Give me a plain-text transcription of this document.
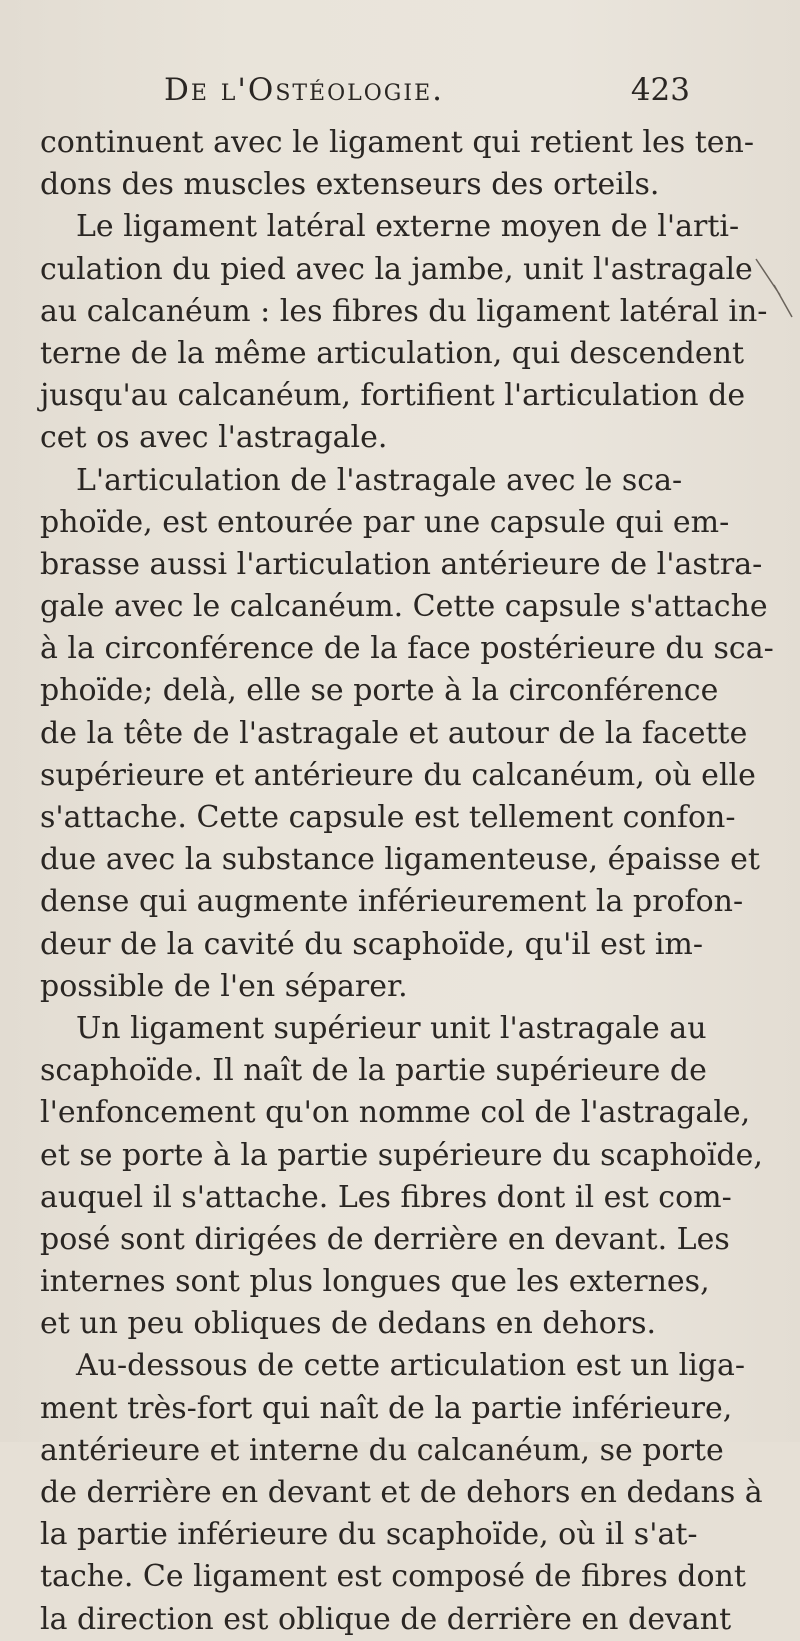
De l'Ostéologie.	423
continuent avec le ligament qui retient les ten-
dons des muscles extenseurs des orteils.
Le ligament latéral externe moyen de l'arti-
culation du pied avec la jambe, unit l'astragale
au calcanéum : les fibres du ligament latéral in-
terne de la même articulation, qui descendent
jusqu'au calcanéum, fortifient l'articulation de
cet os avec l'astragale.
L'articulation de l'astragale avec le sca-
phoïde, est entourée par une capsule qui em-
brasse aussi l'articulation antérieure de l'astra-
gale avec le calcanéum. Cette capsule s'attache
à la circonférence de la face postérieure du sca-
phoïde; delà, elle se porte à la circonférence
de la tête de l'astragale et autour de la facette
supérieure et antérieure du calcanéum, où elle
s'attache. Cette capsule est tellement confon-
due avec la substance ligamenteuse, épaisse et
dense qui augmente inférieurement la profon-
deur de la cavité du scaphoïde, qu'il est im-
possible de l'en séparer.
Un ligament supérieur unit l'astragale au
scaphoïde. Il naît de la partie supérieure de
l'enfoncement qu'on nomme col de l'astragale,
et se porte à la partie supérieure du scaphoïde,
auquel il s'attache. Les fibres dont il est com-
posé sont dirigées de derrière en devant. Les
internes sont plus longues que les externes,
et un peu obliques de dedans en dehors.
Au-dessous de cette articulation est un liga-
ment très-fort qui naît de la partie inférieure,
antérieure et interne du calcanéum, se porte
de derrière en devant et de dehors en dedans à
la partie inférieure du scaphoïde, où il s'at-
tache. Ce ligament est composé de fibres dont
la direction est oblique de derrière en devant
